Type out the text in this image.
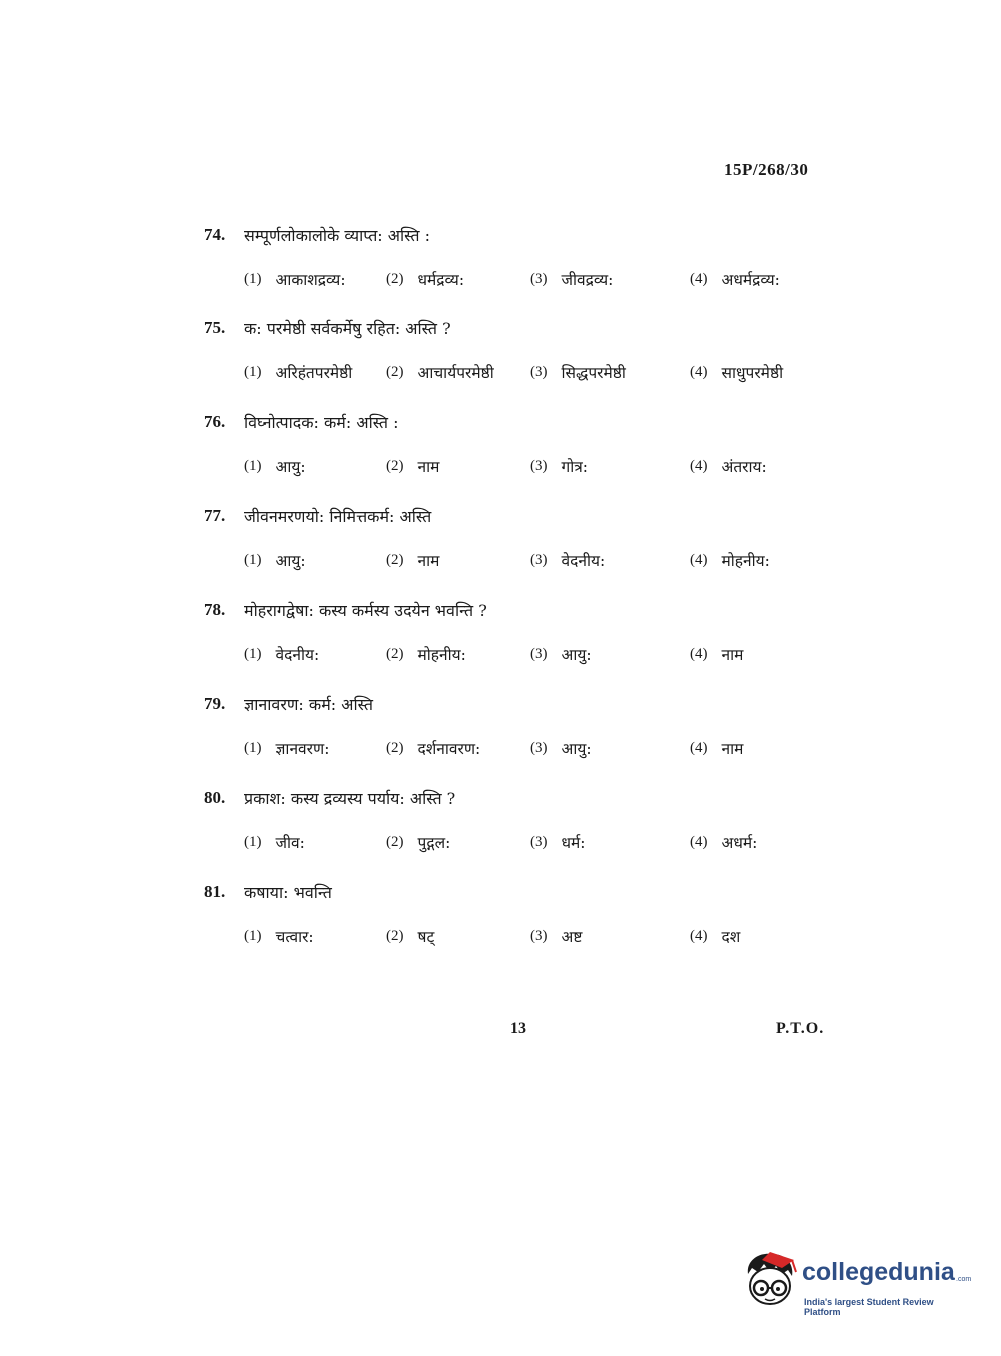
15P/268/30
74.	सम्पूर्णलोकालोके व्याप्त: अस्ति :
(1) आकाशद्रव्य:	(2) धर्मद्रव्य:	(3) जीवद्रव्य:	(4) अधर्मद्रव्य:
75.	क: परमेष्ठी सर्वकर्मेषु रहित: अस्ति ?
(1) अरिहंतपरमेष्ठी (2) आचार्यपरमेष्ठी (3) सिद्धपरमेष्ठी	(4) साधुपरमेष्ठी
76.	विघ्नोत्पादक: कर्म: अस्ति :
(1) आयु:	(2) नाम	(3) गोत्र:	(4) अंतराय:
77.	जीवनमरणयो: निमित्तकर्म: अस्ति
(1) आयु:	(2) नाम	(3) वेदनीय:	(4) मोहनीय:
78.	मोहरागद्वेषा: कस्य कर्मस्य उदयेन भवन्ति ?
(1) वेदनीय:	(2) मोहनीय:	(3) आयु:	(4) नाम
79.	ज्ञानावरण: कर्म: अस्ति
(1) ज्ञानवरण:	(2) दर्शनावरण:	(3) आयु:	(4) नाम
80.	प्रकाश: कस्य द्रव्यस्य पर्याय: अस्ति ?
(1) जीव:	(2) पुद्गल:	(3) धर्म:	(4) अधर्म:
81.	कषाया: भवन्ति
(1) चत्वार:	(2) षट्	(3) अष्ट	(4) दश
13	P.T.O.
collegedunia .com
India's largest Student Review Platform
